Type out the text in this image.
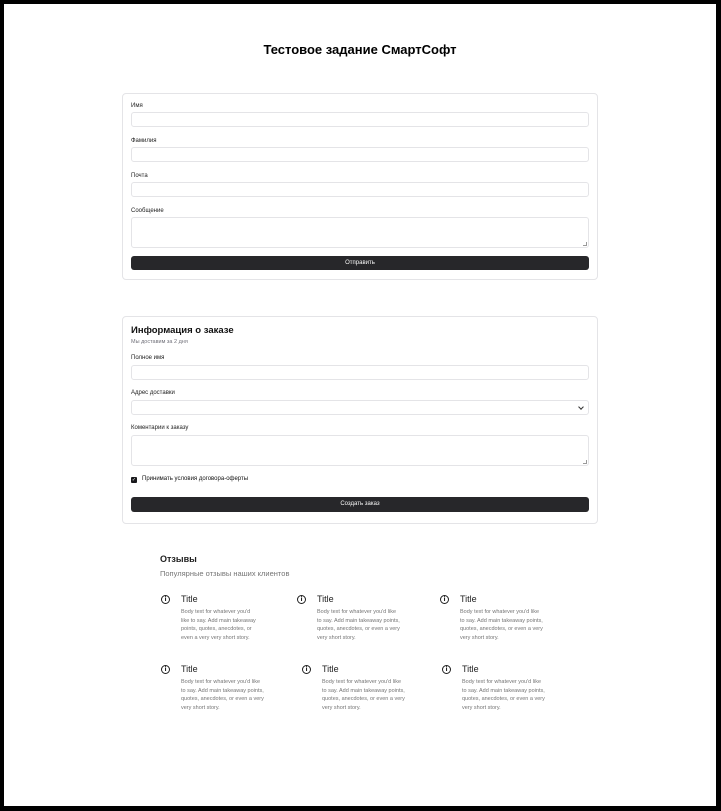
Тестовое задание СмартСофт
Имя
Фамилия
Почта
Сообщение
Отправить
Информация о заказе
Мы доставим за 2 дня
Полное имя
Адрес доставки
Коментарии к заказу
✓ Принимать условия договора-оферты
Создать заказ
Отзывы
Популярные отзывы наших клиентов
i	Title
Body text for whatever you'd
like to say. Add main takeaway
points, quotes, anecdotes, or
even a very very short story.
i	Title
Body text for whatever you'd like
to say. Add main takeaway points,
quotes, anecdotes, or even a very
very short story.
i	Title
Body text for whatever you'd like
to say. Add main takeaway points,
quotes, anecdotes, or even a very
very short story.
i	Title
Body text for whatever you'd like
to say. Add main takeaway points,
quotes, anecdotes, or even a very
very short story.
i	Title
Body text for whatever you'd like
to say. Add main takeaway points,
quotes, anecdotes, or even a very
very short story.
i	Title
Body text for whatever you'd like
to say. Add main takeaway points,
quotes, anecdotes, or even a very
very short story.
